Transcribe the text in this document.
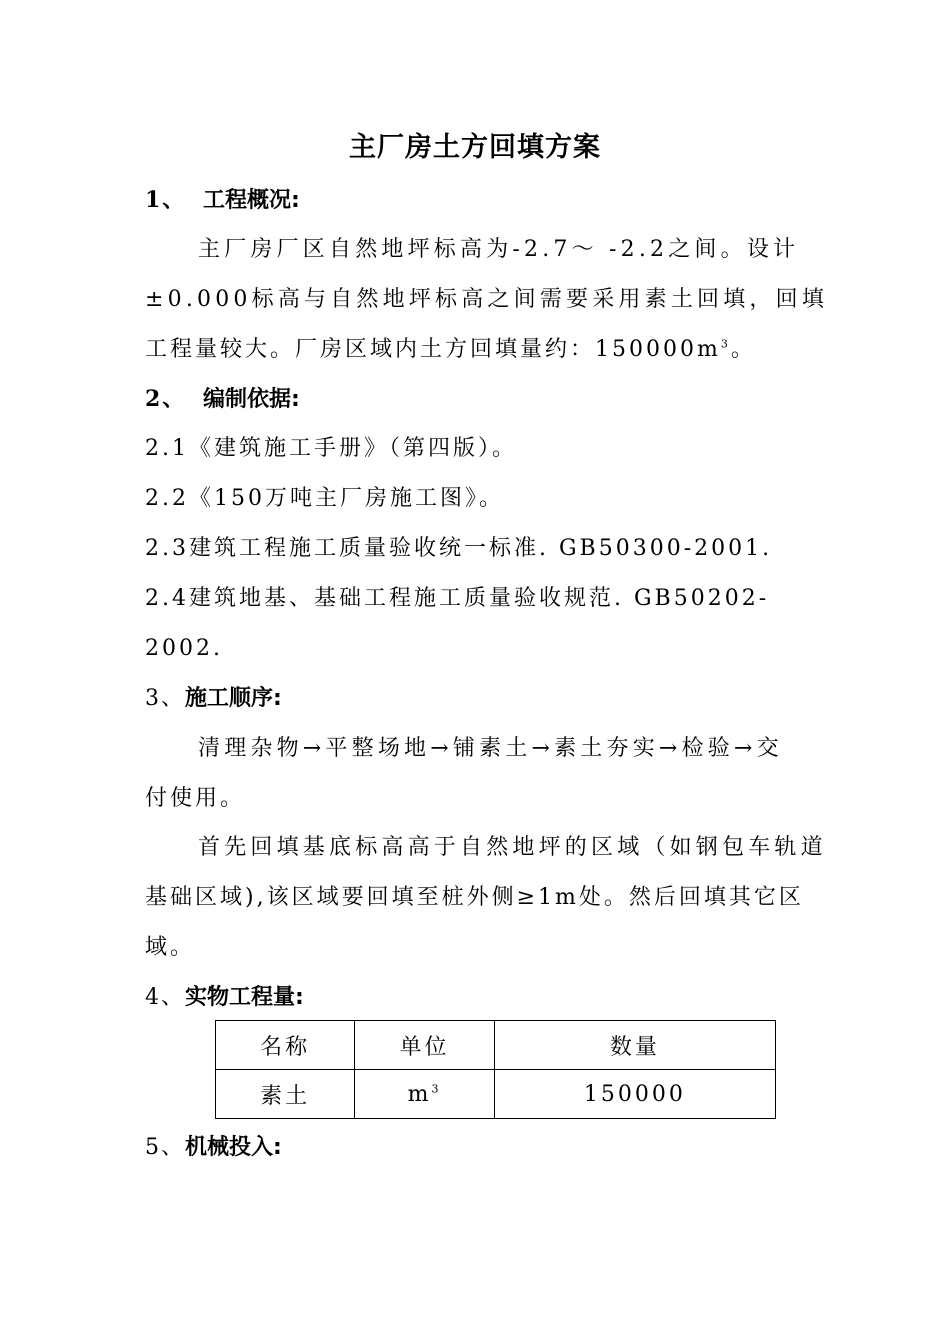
主厂房土方回填方案
1、 工程概况:
主厂房厂区自然地坪标高为-2.7～ -2.2之间。设计
±0.000标高与自然地坪标高之间需要采用素土回填，回填
工程量较大。厂房区域内土方回填量约：$150000m^3$。
2、 编制依据:
2.1《建筑施工手册》（第四版）。
2.2《150万吨主厂房施工图》。
2.3建筑工程施工质量验收统一标准. GB50300-2001.
2.4建筑地基、基础工程施工质量验收规范. GB50202-
2002.
3、施工顺序:
清理杂物→平整场地→铺素土→素土夯实→检验→交
付使用。
首先回填基底标高高于自然地坪的区域（如钢包车轨道
基础区域),该区域要回填至桩外侧≥1m处。然后回填其它区
域。
4、实物工程量:
名称	单位	数量
素土	$m^3$	150000
5、机械投入:
